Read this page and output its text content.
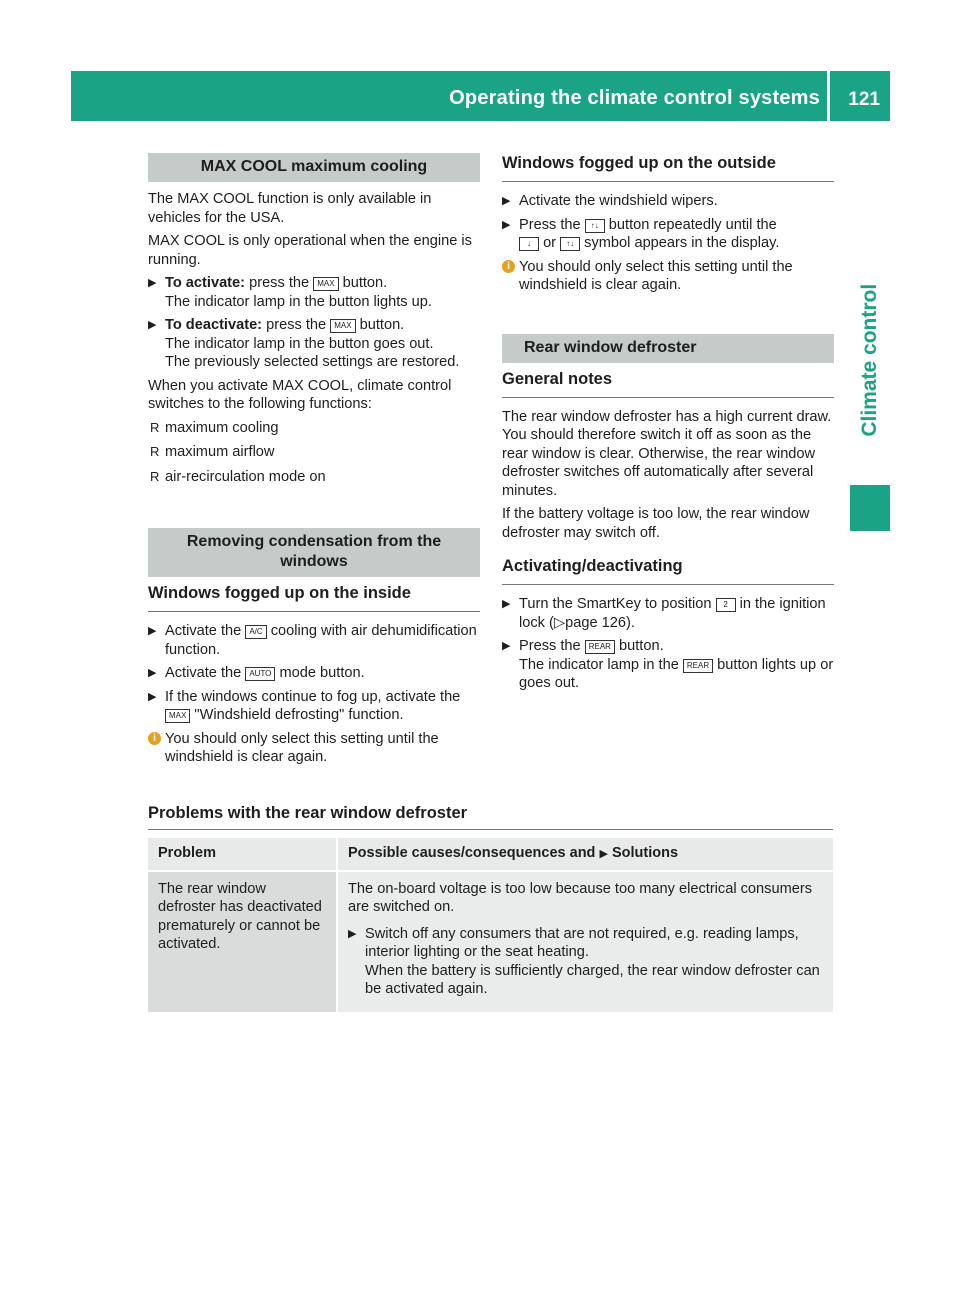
Operating the climate control systems 121
Climate control
MAX COOL maximum cooling

The MAX COOL function is only available in vehicles for the USA.

MAX COOL is only operational when the engine is running.

▶ To activate: press the MAX button.
The indicator lamp in the button lights up.
▶ To deactivate: press the MAX button.
The indicator lamp in the button goes out.
The previously selected settings are restored.

When you activate MAX COOL, climate control switches to the following functions:

R maximum cooling
R maximum airflow
R air-recirculation mode on
Removing condensation from the windows
Windows fogged up on the inside
▶ Activate the A/C cooling with air dehumidification function.
▶ Activate the AUTO mode button.
▶ If the windows continue to fog up, activate the MAX "Windshield defrosting" function.
i You should only select this setting until the windshield is clear again.
Windows fogged up on the outside
▶ Activate the windshield wipers.
▶ Press the ↑↓ button repeatedly until the
↓ or ↑↓ symbol appears in the display.
i You should only select this setting until the windshield is clear again.
Rear window defroster
General notes

The rear window defroster has a high current draw. You should therefore switch it off as soon as the rear window is clear. Otherwise, the rear window defroster switches off automatically after several minutes.

If the battery voltage is too low, the rear window defroster may switch off.

Activating/deactivating
▶ Turn the SmartKey to position 2 in the ignition lock (▷page 126).
▶ Press the REAR button.
The indicator lamp in the REAR button lights up or goes out.
Problems with the rear window defroster
Problem	Possible causes/consequences and ▶ Solutions
The rear window defroster has deactivated prematurely or cannot be activated.	The on-board voltage is too low because too many electrical consumers are switched on.

▶ Switch off any consumers that are not required, e.g. reading lamps, interior lighting or the seat heating.
When the battery is sufficiently charged, the rear window defroster can be activated again.
